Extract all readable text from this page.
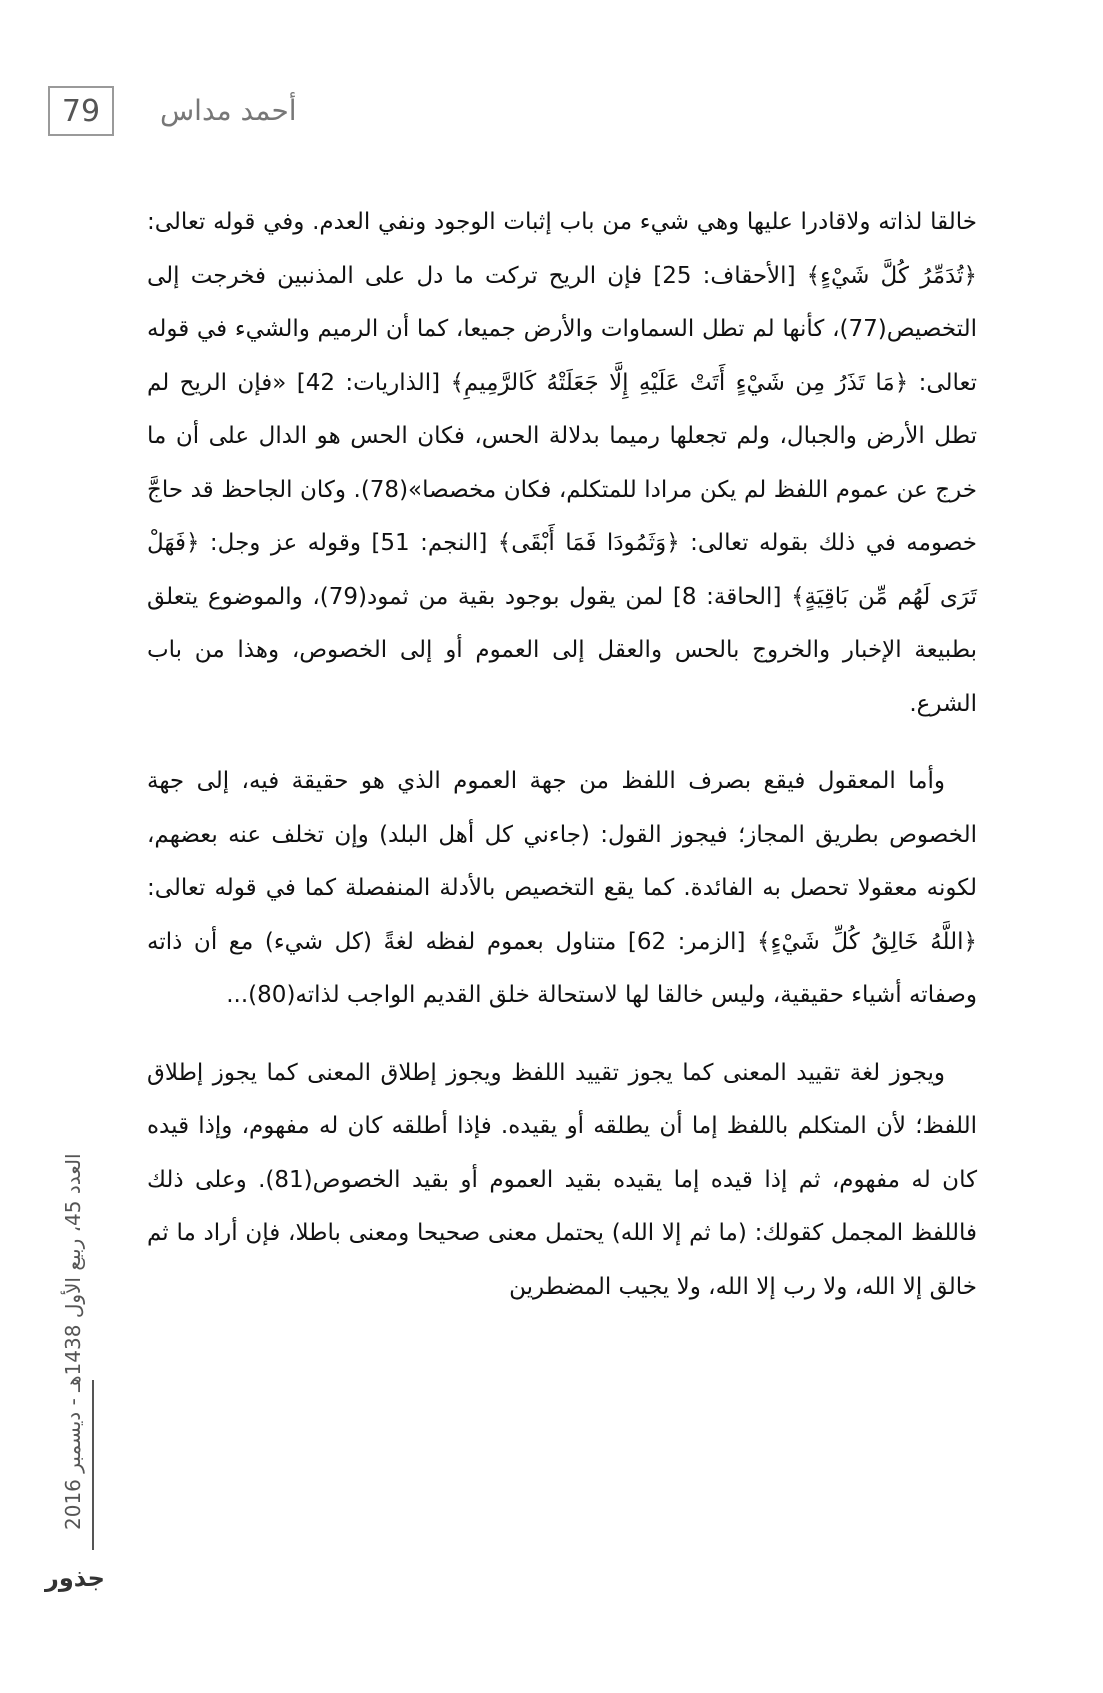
79	أحمد مداس

خالقا لذاته ولاقادرا عليها وهي شيء من باب إثبات الوجود ونفي العدم. وفي قوله تعالى: ﴿تُدَمِّرُ كُلَّ شَيْءٍ﴾ [الأحقاف: 25] فإن الريح تركت ما دل على المذنبين فخرجت إلى التخصيص(77)، كأنها لم تطل السماوات والأرض جميعا، كما أن الرميم والشيء في قوله تعالى: ﴿مَا تَذَرُ مِن شَيْءٍ أَتَتْ عَلَيْهِ إِلَّا جَعَلَتْهُ كَالرَّمِيمِ﴾ [الذاريات: 42] «فإن الريح لم تطل الأرض والجبال، ولم تجعلها رميما بدلالة الحس، فكان الحس هو الدال على أن ما خرج عن عموم اللفظ لم يكن مرادا للمتكلم، فكان مخصصا»(78). وكان الجاحظ قد حاجَّ خصومه في ذلك بقوله تعالى: ﴿وَثَمُودَا فَمَا أَبْقَى﴾ [النجم: 51] وقوله عز وجل: ﴿فَهَلْ تَرَى لَهُم مِّن بَاقِيَةٍ﴾ [الحاقة: 8] لمن يقول بوجود بقية من ثمود(79)، والموضوع يتعلق بطبيعة الإخبار والخروج بالحس والعقل إلى العموم أو إلى الخصوص، وهذا من باب الشرع.

وأما المعقول فيقع بصرف اللفظ من جهة العموم الذي هو حقيقة فيه، إلى جهة الخصوص بطريق المجاز؛ فيجوز القول: (جاءني كل أهل البلد) وإن تخلف عنه بعضهم، لكونه معقولا تحصل به الفائدة. كما يقع التخصيص بالأدلة المنفصلة كما في قوله تعالى: ﴿اللَّهُ خَالِقُ كُلِّ شَيْءٍ﴾ [الزمر: 62] متناول بعموم لفظه لغةً (كل شيء) مع أن ذاته وصفاته أشياء حقيقية، وليس خالقا لها لاستحالة خلق القديم الواجب لذاته(80)...

ويجوز لغة تقييد المعنى كما يجوز تقييد اللفظ ويجوز إطلاق المعنى كما يجوز إطلاق اللفظ؛ لأن المتكلم باللفظ إما أن يطلقه أو يقيده. فإذا أطلقه كان له مفهوم، وإذا قيده كان له مفهوم، ثم إذا قيده إما يقيده بقيد العموم أو بقيد الخصوص(81). وعلى ذلك فاللفظ المجمل كقولك: (ما ثم إلا الله) يحتمل معنى صحيحا ومعنى باطلا، فإن أراد ما ثم خالق إلا الله، ولا رب إلا الله، ولا يجيب المضطرين

العدد 45، ربيع الأول 1438هـ - ديسمبر 2016
جذور
